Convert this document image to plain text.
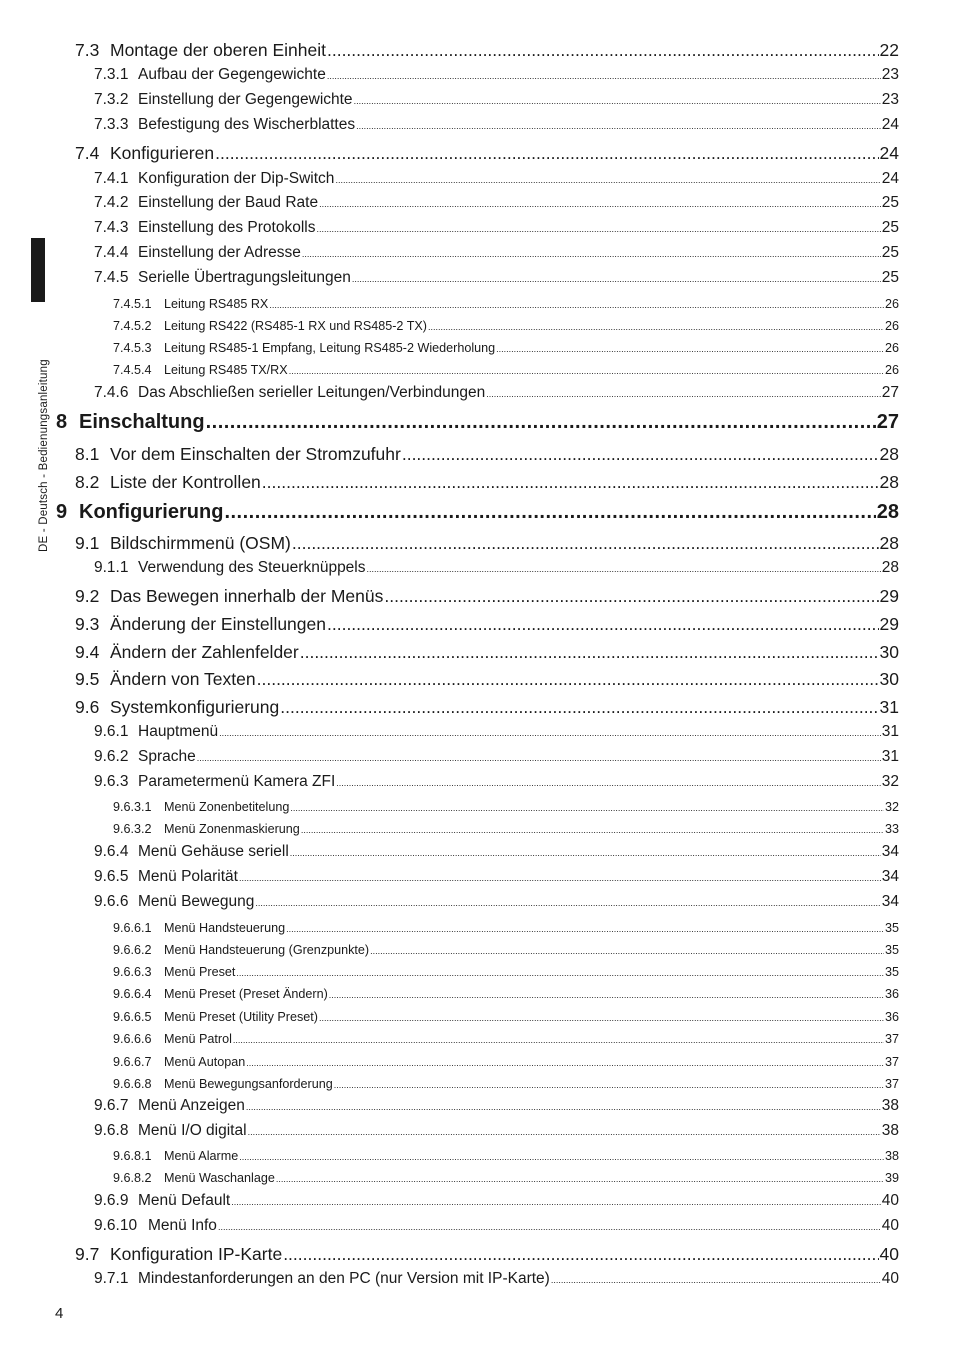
DE - Deutsch - Bedienungsanleitung
7.3 Montage der oberen Einheit .....	22
7.3.1 Aufbau der Gegengewichte .....	23
7.3.2 Einstellung der Gegengewichte .....	23
7.3.3 Befestigung des Wischerblattes .....	24
7.4 Konfigurieren .....	24
7.4.1 Konfiguration der Dip-Switch .....	24
7.4.2 Einstellung der Baud Rate .....	25
7.4.3 Einstellung des Protokolls .....	25
7.4.4 Einstellung der Adresse .....	25
7.4.5 Serielle Übertragungsleitungen .....	25
7.4.5.1 Leitung RS485 RX .....	26
7.4.5.2 Leitung RS422 (RS485-1 RX und RS485-2 TX) .....	26
7.4.5.3 Leitung RS485-1 Empfang, Leitung RS485-2 Wiederholung .....	26
7.4.5.4 Leitung RS485 TX/RX .....	26
7.4.6 Das Abschließen serieller Leitungen/Verbindungen .....	27
8 Einschaltung .....	27
8.1 Vor dem Einschalten der Stromzufuhr .....	28
8.2 Liste der Kontrollen .....	28
9 Konfigurierung .....	28
9.1 Bildschirmmenü (OSM) .....	28
9.1.1 Verwendung des Steuerknüppels .....	28
9.2 Das Bewegen innerhalb der Menüs .....	29
9.3 Änderung der Einstellungen .....	29
9.4 Ändern der Zahlenfelder .....	30
9.5 Ändern von Texten .....	30
9.6 Systemkonfigurierung .....	31
9.6.1 Hauptmenü .....	31
9.6.2 Sprache .....	31
9.6.3 Parametermenü Kamera ZFI .....	32
9.6.3.1 Menü Zonenbetitelung .....	32
9.6.3.2 Menü Zonenmaskierung .....	33
9.6.4 Menü Gehäuse seriell .....	34
9.6.5 Menü Polarität .....	34
9.6.6 Menü Bewegung .....	34
9.6.6.1 Menü Handsteuerung .....	35
9.6.6.2 Menü Handsteuerung (Grenzpunkte) .....	35
9.6.6.3 Menü Preset .....	35
9.6.6.4 Menü Preset (Preset Ändern) .....	36
9.6.6.5 Menü Preset (Utility Preset) .....	36
9.6.6.6 Menü Patrol .....	37
9.6.6.7 Menü Autopan .....	37
9.6.6.8 Menü Bewegungsanforderung .....	37
9.6.7 Menü Anzeigen .....	38
9.6.8 Menü I/O digital .....	38
9.6.8.1 Menü Alarme .....	38
9.6.8.2 Menü Waschanlage .....	39
9.6.9 Menü Default .....	40
9.6.10 Menü Info .....	40
9.7 Konfiguration IP-Karte .....	40
9.7.1 Mindestanforderungen an den PC (nur Version mit IP-Karte) .....	40
4
